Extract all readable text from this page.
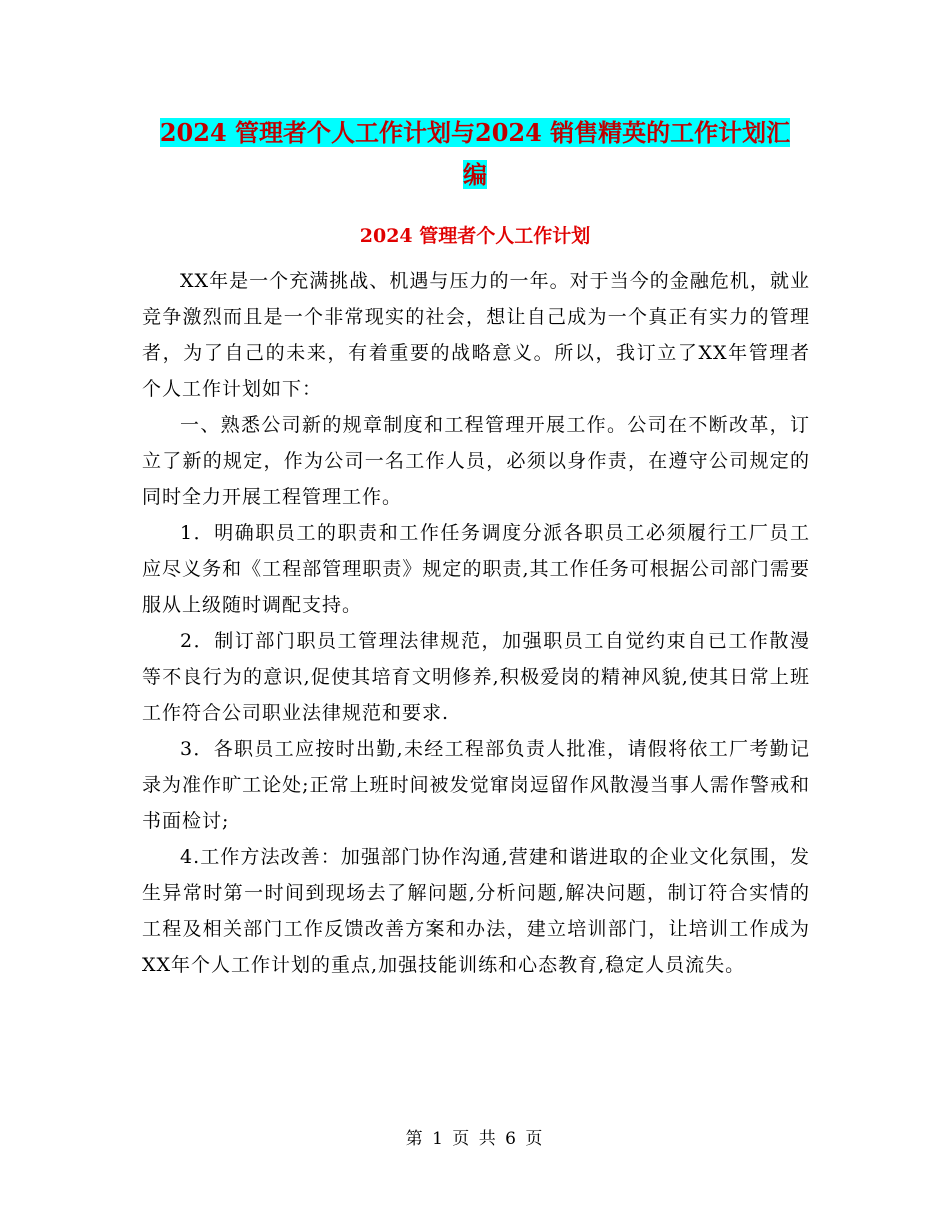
2024 管理者个人工作计划与2024 销售精英的工作计划汇编
2024 管理者个人工作计划

XX年是一个充满挑战、机遇与压力的一年。对于当今的金融危机，就业竞争激烈而且是一个非常现实的社会，想让自己成为一个真正有实力的管理者，为了自己的未来，有着重要的战略意义。所以，我订立了XX年管理者个人工作计划如下：

一、熟悉公司新的规章制度和工程管理开展工作。公司在不断改革，订立了新的规定，作为公司一名工作人员，必须以身作责，在遵守公司规定的同时全力开展工程管理工作。

1．明确职员工的职责和工作任务调度分派各职员工必须履行工厂员工应尽义务和《工程部管理职责》规定的职责,其工作任务可根据公司部门需要服从上级随时调配支持。

2．制订部门职员工管理法律规范，加强职员工自觉约束自已工作散漫等不良行为的意识,促使其培育文明修养,积极爱岗的精神风貌,使其日常上班工作符合公司职业法律规范和要求.

3．各职员工应按时出勤,未经工程部负责人批准，请假将依工厂考勤记录为准作旷工论处;正常上班时间被发觉窜岗逗留作风散漫当事人需作警戒和书面检讨;

4.工作方法改善：加强部门协作沟通,营建和谐进取的企业文化氛围，发生异常时第一时间到现场去了解问题,分析问题,解决问题，制订符合实情的工程及相关部门工作反馈改善方案和办法，建立培训部门，让培训工作成为XX年个人工作计划的重点,加强技能训练和心态教育,稳定人员流失。

第 1 页 共 6 页
